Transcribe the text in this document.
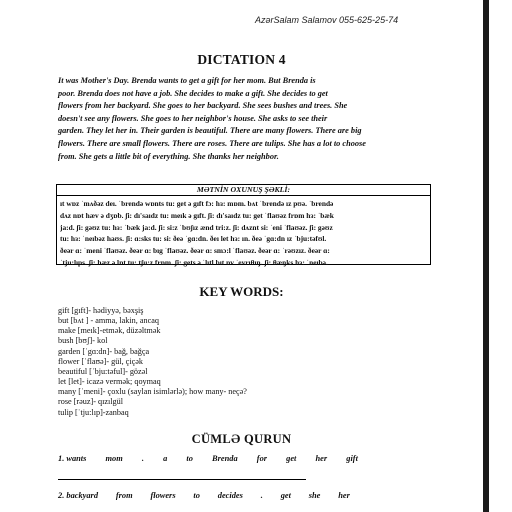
AzərSalam Salamov 055-625-25-74
DICTATION 4

It was Mother's Day. Brenda wants to get a gift for her mom. But Brenda is
poor. Brenda does not have a job. She decides to make a gift. She decides to get
flowers from her backyard. She goes to her backyard. She sees bushes and trees. She
doesn't see any flowers. She goes to her neighbor's house. She asks to see their
garden. They let her in. Their garden is beautiful. There are many flowers. There are big
flowers. There are small flowers. There are roses. There are tulips. She has a lot to choose
from. She gets a little bit of everything. She thanks her neighbor.

MƏTNİN OXUNUŞ ŞƏKLİ:
ıt wɒz ˈmʌðəz deı. ˈbrendə wɒnts tu: get ə gıft fɔ: hɜ: mɒm. bʌt ˈbrendə ız pʊə. ˈbrendə
dʌz nɒt hæv ə dʒɒb. ʃi: dı'saıdz tu: meık ə gıft. ʃi: dı'saıdz tu: get ˈflaʊəz frɒm hɜ: ˈbæk
ja:d. ʃi: gəʊz tu: hɜ: ˈbæk ja:d. ʃi: si:z ˈbʊʃız ænd tri:z. ʃi: dʌznt si: ˈeni ˈflaʊəz. ʃi: gəʊz
tu: hɜ: ˈneıbəz haʊs. ʃi: ɑ:sks tu: si: ðeə ˈgɑ:dn. ðeı let hɜ: ın. ðeə ˈgɑ:dn ız ˈbju:təfʊl.
ðeər ɑ: ˈmeni ˈflaʊəz. ðeər ɑ: bıg ˈflaʊəz. ðeər ɑ: smɔ:l ˈflaʊəz. ðeər ɑ: ˈrəʊzız. ðeər ɑ:
ˈtju:lıps. ʃi: hæz ə lɒt tu: tʃu:z frɒm. ʃi: gets ə ˈlıtl bıt ɒv ˈevrıθıŋ. ʃi: θæŋks hɜ: ˈneıbə.
KEY WORDS:
gift [gıft]- hədiyyə, bəxşiş
but [bʌt ] - amma, lakin, ancaq
make [meık]-etmək, düzəltmək
bush [bʊʃ]- kol
garden [ˈgɑ:dn]- bağ, bağça
flower [ˈflaʊə]- gül, çiçək
beautiful [ˈbju:təful]- gözəl
let [let]- icazə vermək; qoymaq
many [ˈmeni]- çoxlu (saylan isimlərlə); how many- neçə?
rose [rəuz]- qızılgül
tulip [ˈtju:lıp]-zanbaq
CÜMLƏ QURUN
1. wants mom . a to Brenda for get her gift
2. backyard from flowers to decides . get she her
